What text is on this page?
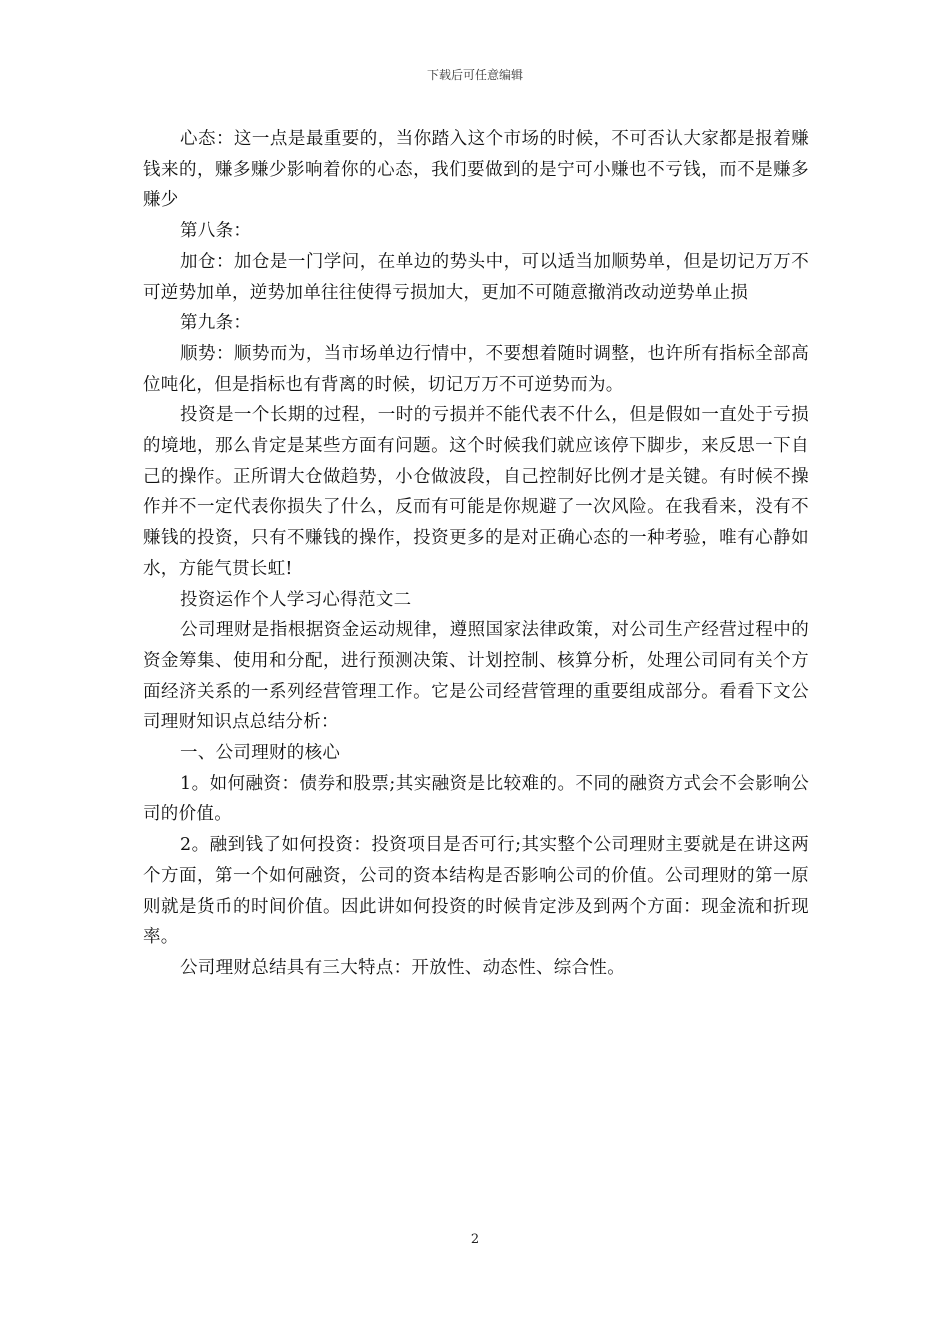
下载后可任意编辑

心态：这一点是最重要的，当你踏入这个市场的时候，不可否认大家都是报着赚钱来的，赚多赚少影响着你的心态，我们要做到的是宁可小赚也不亏钱，而不是赚多赚少

第八条：

加仓：加仓是一门学问，在单边的势头中，可以适当加顺势单，但是切记万万不可逆势加单，逆势加单往往使得亏损加大，更加不可随意撤消改动逆势单止损

第九条：

顺势：顺势而为，当市场单边行情中，不要想着随时调整，也许所有指标全部高位吨化，但是指标也有背离的时候，切记万万不可逆势而为。

投资是一个长期的过程，一时的亏损并不能代表不什么，但是假如一直处于亏损的境地，那么肯定是某些方面有问题。这个时候我们就应该停下脚步，来反思一下自己的操作。正所谓大仓做趋势，小仓做波段，自己控制好比例才是关键。有时候不操作并不一定代表你损失了什么，反而有可能是你规避了一次风险。在我看来，没有不赚钱的投资，只有不赚钱的操作，投资更多的是对正确心态的一种考验，唯有心静如水，方能气贯长虹!

投资运作个人学习心得范文二

公司理财是指根据资金运动规律，遵照国家法律政策，对公司生产经营过程中的资金筹集、使用和分配，进行预测决策、计划控制、核算分析，处理公司同有关个方面经济关系的一系列经营管理工作。它是公司经营管理的重要组成部分。看看下文公司理财知识点总结分析：

一、公司理财的核心

1。如何融资：债券和股票;其实融资是比较难的。不同的融资方式会不会影响公司的价值。

2。融到钱了如何投资：投资项目是否可行;其实整个公司理财主要就是在讲这两个方面，第一个如何融资，公司的资本结构是否影响公司的价值。公司理财的第一原则就是货币的时间价值。因此讲如何投资的时候肯定涉及到两个方面：现金流和折现率。

公司理财总结具有三大特点：开放性、动态性、综合性。

2
